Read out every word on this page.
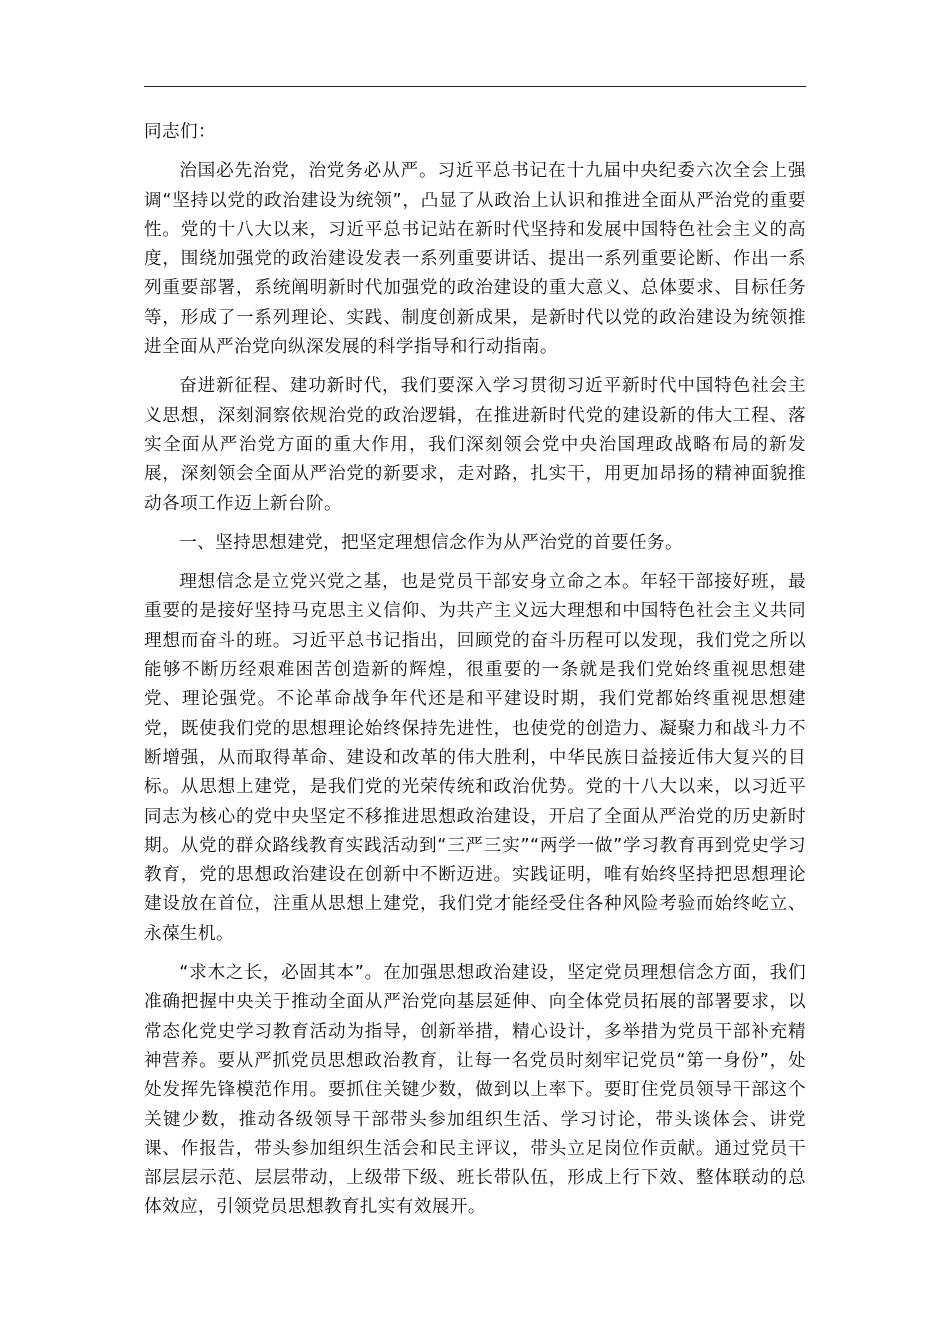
同志们：

治国必先治党，治党务必从严。习近平总书记在十九届中央纪委六次全会上强调“坚持以党的政治建设为统领”，凸显了从政治上认识和推进全面从严治党的重要性。党的十八大以来，习近平总书记站在新时代坚持和发展中国特色社会主义的高度，围绕加强党的政治建设发表一系列重要讲话、提出一系列重要论断、作出一系列重要部署，系统阐明新时代加强党的政治建设的重大意义、总体要求、目标任务等，形成了一系列理论、实践、制度创新成果，是新时代以党的政治建设为统领推进全面从严治党向纵深发展的科学指导和行动指南。

奋进新征程、建功新时代，我们要深入学习贯彻习近平新时代中国特色社会主义思想，深刻洞察依规治党的政治逻辑，在推进新时代党的建设新的伟大工程、落实全面从严治党方面的重大作用，我们深刻领会党中央治国理政战略布局的新发展，深刻领会全面从严治党的新要求，走对路，扎实干，用更加昂扬的精神面貌推动各项工作迈上新台阶。

一、坚持思想建党，把坚定理想信念作为从严治党的首要任务。

理想信念是立党兴党之基，也是党员干部安身立命之本。年轻干部接好班，最重要的是接好坚持马克思主义信仰、为共产主义远大理想和中国特色社会主义共同理想而奋斗的班。习近平总书记指出，回顾党的奋斗历程可以发现，我们党之所以能够不断历经艰难困苦创造新的辉煌，很重要的一条就是我们党始终重视思想建党、理论强党。不论革命战争年代还是和平建设时期，我们党都始终重视思想建党，既使我们党的思想理论始终保持先进性，也使党的创造力、凝聚力和战斗力不断增强，从而取得革命、建设和改革的伟大胜利，中华民族日益接近伟大复兴的目标。从思想上建党，是我们党的光荣传统和政治优势。党的十八大以来，以习近平同志为核心的党中央坚定不移推进思想政治建设，开启了全面从严治党的历史新时期。从党的群众路线教育实践活动到“三严三实”“两学一做”学习教育再到党史学习教育，党的思想政治建设在创新中不断迈进。实践证明，唯有始终坚持把思想理论建设放在首位，注重从思想上建党，我们党才能经受住各种风险考验而始终屹立、永葆生机。

“求木之长，必固其本”。在加强思想政治建设，坚定党员理想信念方面，我们准确把握中央关于推动全面从严治党向基层延伸、向全体党员拓展的部署要求，以常态化党史学习教育活动为指导，创新举措，精心设计，多举措为党员干部补充精神营养。要从严抓党员思想政治教育，让每一名党员时刻牢记党员“第一身份”，处处发挥先锋模范作用。要抓住关键少数，做到以上率下。要盯住党员领导干部这个关键少数，推动各级领导干部带头参加组织生活、学习讨论，带头谈体会、讲党课、作报告，带头参加组织生活会和民主评议，带头立足岗位作贡献。通过党员干部层层示范、层层带动，上级带下级、班长带队伍，形成上行下效、整体联动的总体效应，引领党员思想教育扎实有效展开。
